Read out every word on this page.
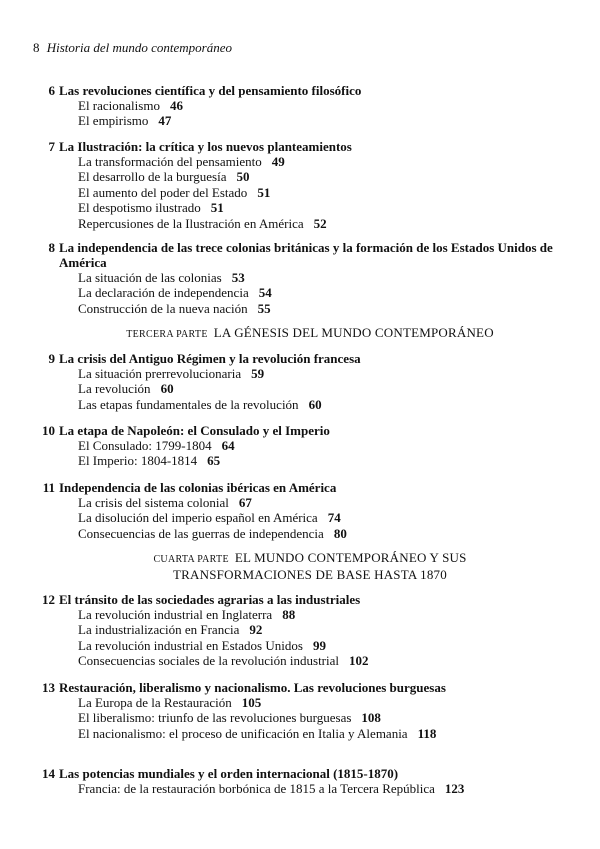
8 Historia del mundo contemporáneo
6 Las revoluciones científica y del pensamiento filosófico
El racionalismo 46
El empirismo 47
7 La Ilustración: la crítica y los nuevos planteamientos
La transformación del pensamiento 49
El desarrollo de la burguesía 50
El aumento del poder del Estado 51
El despotismo ilustrado 51
Repercusiones de la Ilustración en América 52
8 La independencia de las trece colonias británicas y la formación de los Estados Unidos de América
La situación de las colonias 53
La declaración de independencia 54
Construcción de la nueva nación 55
TERCERA PARTE LA GÉNESIS DEL MUNDO CONTEMPORÁNEO
9 La crisis del Antiguo Régimen y la revolución francesa
La situación prerrevolucionaria 59
La revolución 60
Las etapas fundamentales de la revolución 60
10 La etapa de Napoleón: el Consulado y el Imperio
El Consulado: 1799-1804 64
El Imperio: 1804-1814 65
11 Independencia de las colonias ibéricas en América
La crisis del sistema colonial 67
La disolución del imperio español en América 74
Consecuencias de las guerras de independencia 80
CUARTA PARTE EL MUNDO CONTEMPORÁNEO Y SUS
TRANSFORMACIONES DE BASE HASTA 1870
12 El tránsito de las sociedades agrarias a las industriales
La revolución industrial en Inglaterra 88
La industrialización en Francia 92
La revolución industrial en Estados Unidos 99
Consecuencias sociales de la revolución industrial 102
13 Restauración, liberalismo y nacionalismo. Las revoluciones burguesas
La Europa de la Restauración 105
El liberalismo: triunfo de las revoluciones burguesas 108
El nacionalismo: el proceso de unificación en Italia y Alemania 118
14 Las potencias mundiales y el orden internacional (1815-1870)
Francia: de la restauración borbónica de 1815 a la Tercera República 123
